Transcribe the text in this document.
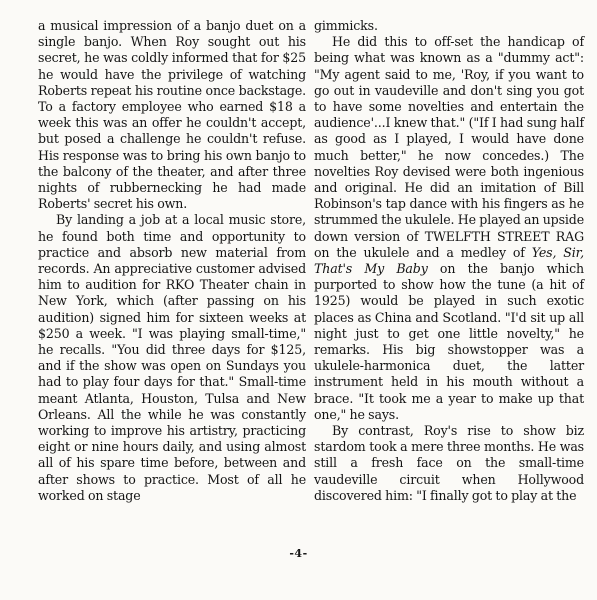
a musical impression of a banjo duet on a single banjo. When Roy sought out his secret, he was coldly informed that for $25 he would have the privilege of watching Roberts repeat his routine once backstage. To a factory employee who earned $18 a week this was an offer he couldn't accept, but posed a challenge he couldn't refuse. His response was to bring his own banjo to the balcony of the theater, and after three nights of rubbernecking he had made Roberts' secret his own.

By landing a job at a local music store, he found both time and opportunity to practice and absorb new material from records. An appreciative customer advised him to audition for RKO Theater chain in New York, which (after passing on his audition) signed him for sixteen weeks at $250 a week. "I was playing small-time," he recalls. "You did three days for $125, and if the show was open on Sundays you had to play four days for that." Small-time meant Atlanta, Houston, Tulsa and New Orleans. All the while he was constantly working to improve his artistry, practicing eight or nine hours daily, and using almost all of his spare time before, between and after shows to practice. Most of all he worked on stage

gimmicks.

He did this to off-set the handicap of being what was known as a "dummy act": "My agent said to me, 'Roy, if you want to go out in vaudeville and don't sing you got to have some novelties and entertain the audience'...I knew that." ("If I had sung half as good as I played, I would have done much better," he now concedes.) The novelties Roy devised were both ingenious and original. He did an imitation of Bill Robinson's tap dance with his fingers as he strummed the ukulele. He played an upside down version of TWELFTH STREET RAG on the ukulele and a medley of Yes, Sir, That's My Baby on the banjo which purported to show how the tune (a hit of 1925) would be played in such exotic places as China and Scotland. "I'd sit up all night just to get one little novelty," he remarks. His big showstopper was a ukulele-harmonica duet, the latter instrument held in his mouth without a brace. "It took me a year to make up that one," he says.

By contrast, Roy's rise to show biz stardom took a mere three months. He was still a fresh face on the small-time vaudeville circuit when Hollywood discovered him: "I finally got to play at the

-4-
